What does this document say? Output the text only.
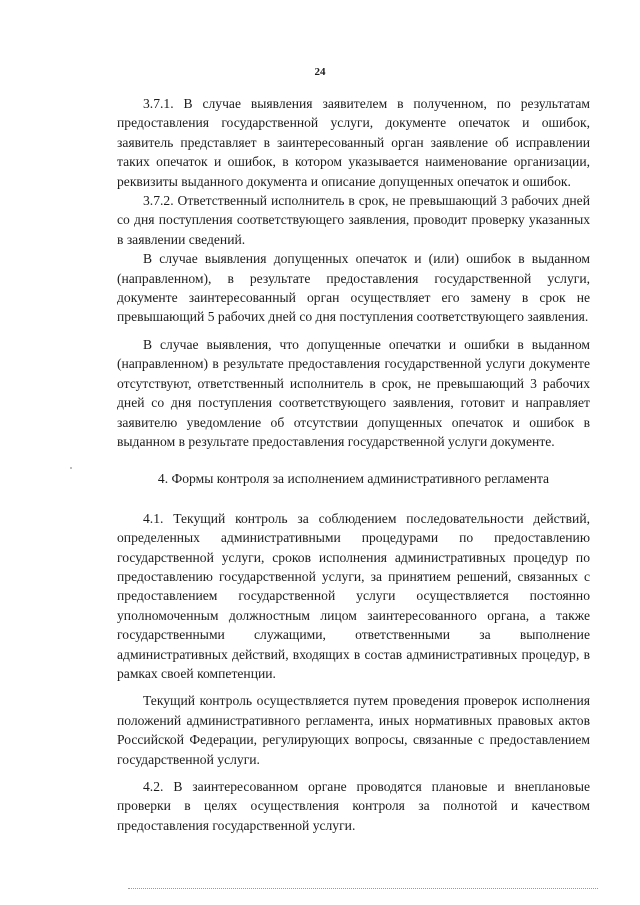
24

3.7.1. В случае выявления заявителем в полученном, по результатам предоставления государственной услуги, документе опечаток и ошибок, заявитель представляет в заинтересованный орган заявление об исправлении таких опечаток и ошибок, в котором указывается наименование организации, реквизиты выданного документа и описание допущенных опечаток и ошибок.

3.7.2. Ответственный исполнитель в срок, не превышающий 3 рабочих дней со дня поступления соответствующего заявления, проводит проверку указанных в заявлении сведений.

В случае выявления допущенных опечаток и (или) ошибок в выданном (направленном), в результате предоставления государственной услуги, документе заинтересованный орган осуществляет его замену в срок не превышающий 5 рабочих дней со дня поступления соответствующего заявления.

В случае выявления, что допущенные опечатки и ошибки в выданном (направленном) в результате предоставления государственной услуги документе отсутствуют, ответственный исполнитель в срок, не превышающий 3 рабочих дней со дня поступления соответствующего заявления, готовит и направляет заявителю уведомление об отсутствии допущенных опечаток и ошибок в выданном в результате предоставления государственной услуги документе.

4. Формы контроля за исполнением административного регламента

4.1. Текущий контроль за соблюдением последовательности действий, определенных административными процедурами по предоставлению государственной услуги, сроков исполнения административных процедур по предоставлению государственной услуги, за принятием решений, связанных с предоставлением государственной услуги осуществляется постоянно уполномоченным должностным лицом заинтересованного органа, а также государственными служащими, ответственными за выполнение административных действий, входящих в состав административных процедур, в рамках своей компетенции.

Текущий контроль осуществляется путем проведения проверок исполнения положений административного регламента, иных нормативных правовых актов Российской Федерации, регулирующих вопросы, связанные с предоставлением государственной услуги.

4.2. В заинтересованном органе проводятся плановые и внеплановые проверки в целях осуществления контроля за полнотой и качеством предоставления государственной услуги.
